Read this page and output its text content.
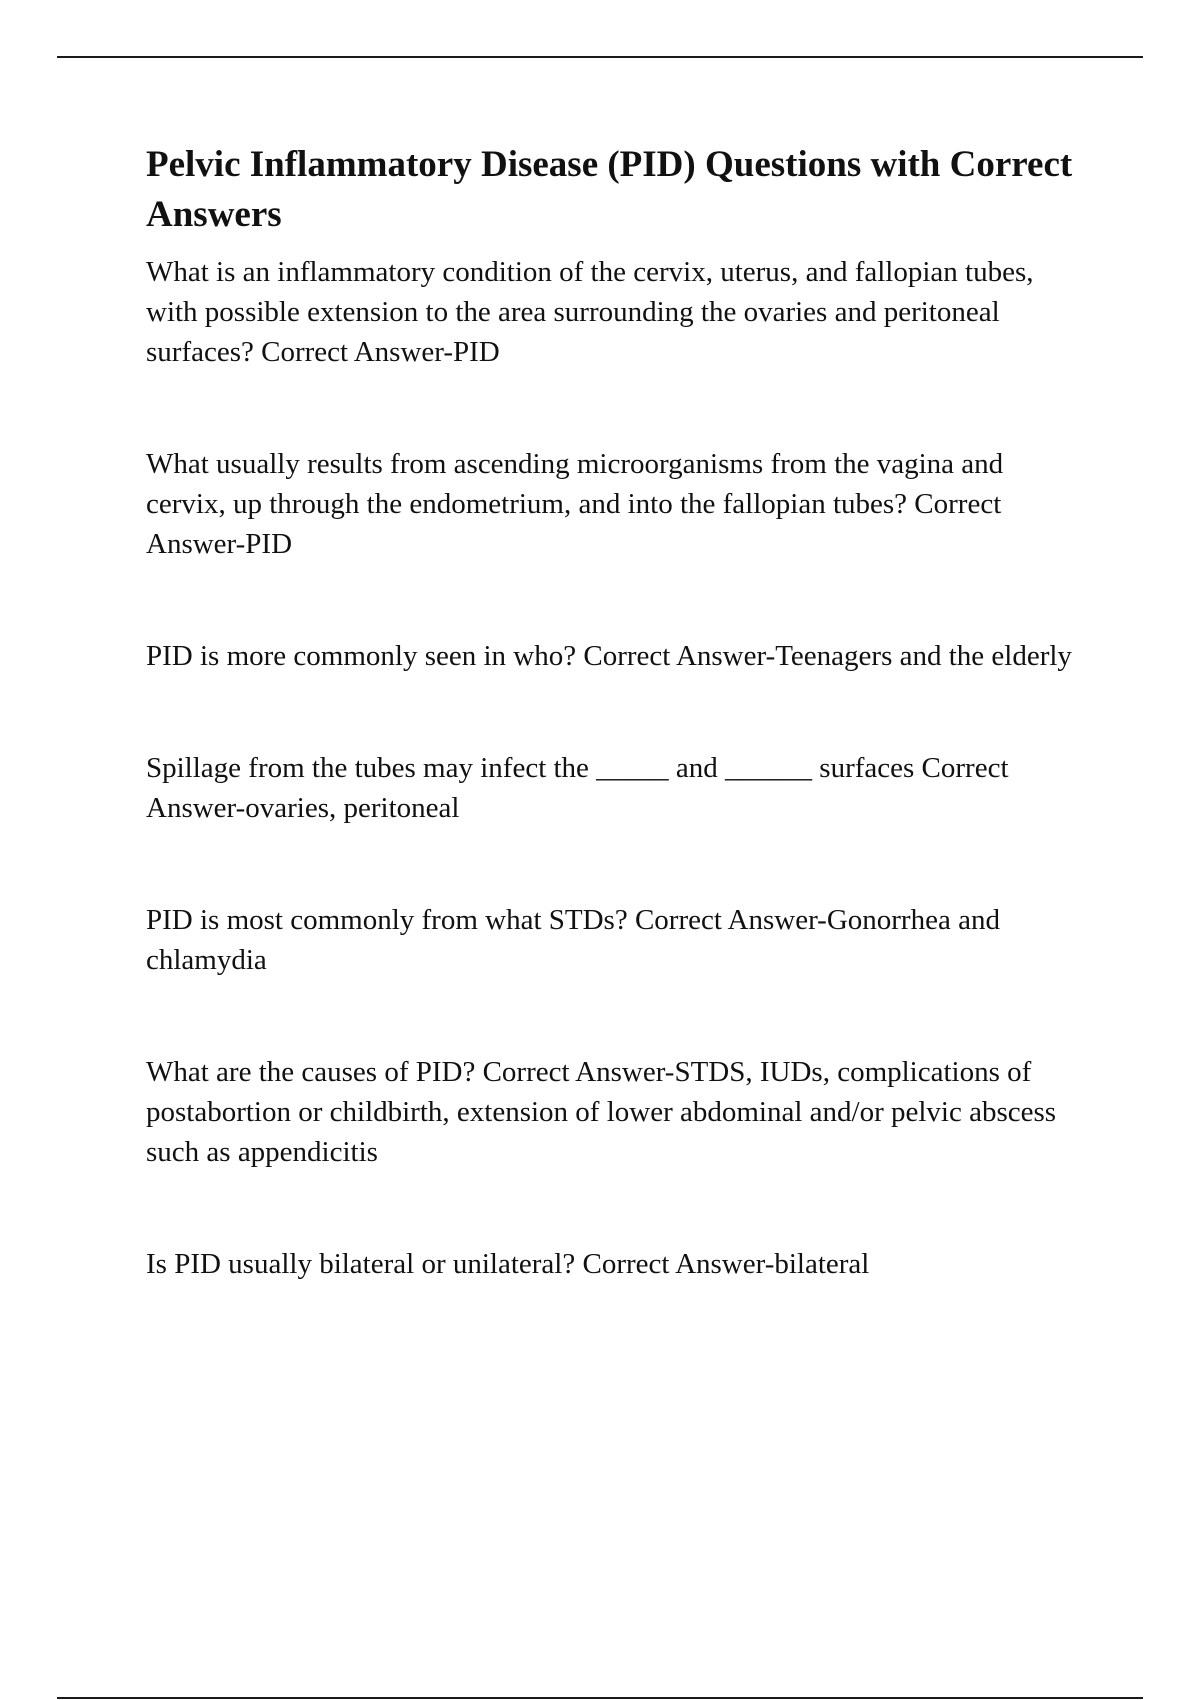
Pelvic Inflammatory Disease (PID) Questions with Correct Answers

What is an inflammatory condition of the cervix, uterus, and fallopian tubes, with possible extension to the area surrounding the ovaries and peritoneal surfaces? Correct Answer-PID

What usually results from ascending microorganisms from the vagina and cervix, up through the endometrium, and into the fallopian tubes? Correct Answer-PID

PID is more commonly seen in who? Correct Answer-Teenagers and the elderly

Spillage from the tubes may infect the _____ and ______ surfaces Correct Answer-ovaries, peritoneal

PID is most commonly from what STDs? Correct Answer-Gonorrhea and chlamydia

What are the causes of PID? Correct Answer-STDS, IUDs, complications of postabortion or childbirth, extension of lower abdominal and/or pelvic abscess such as appendicitis

Is PID usually bilateral or unilateral? Correct Answer-bilateral
